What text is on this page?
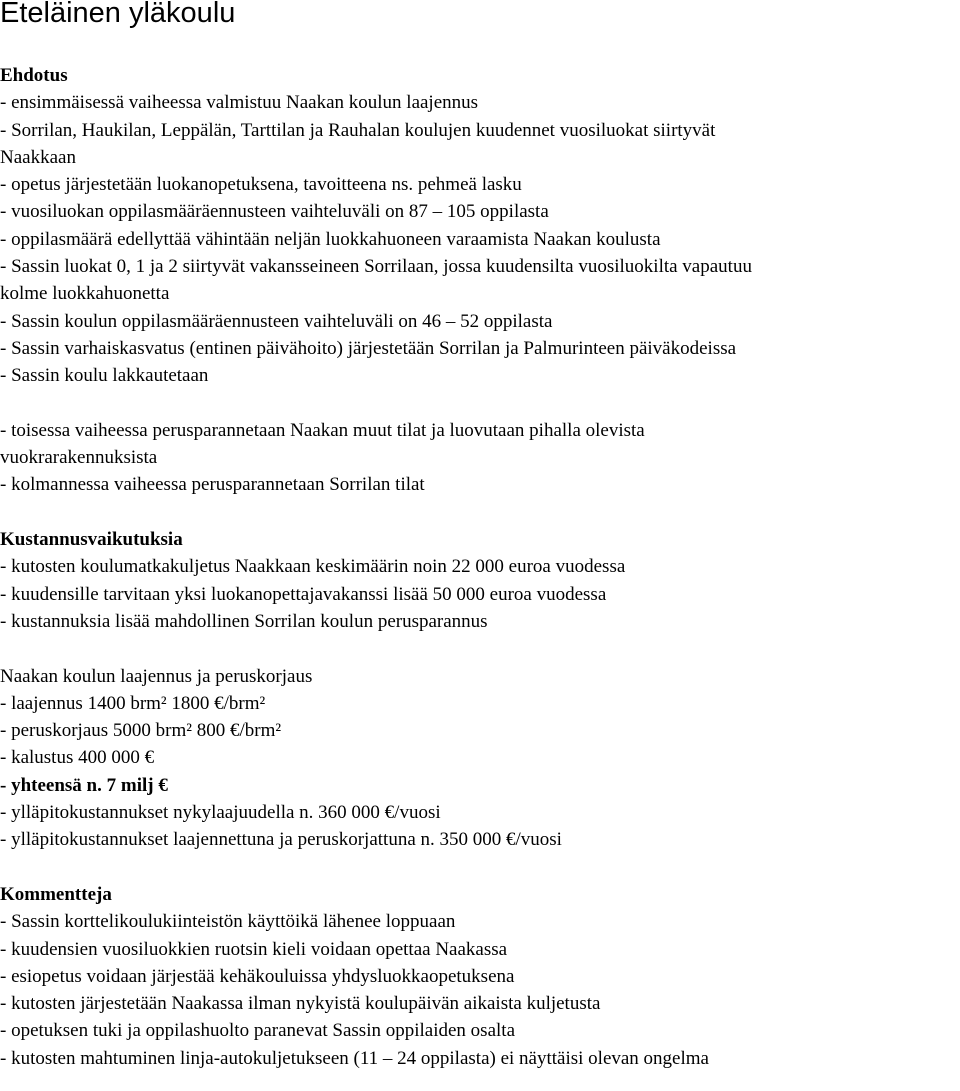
Eteläinen yläkoulu
Ehdotus
- ensimmäisessä vaiheessa valmistuu Naakan koulun laajennus
- Sorrilan, Haukilan, Leppälän, Tarttilan ja Rauhalan koulujen kuudennet vuosiluokat siirtyvät
Naakkaan
- opetus järjestetään luokanopetuksena, tavoitteena ns. pehmeä lasku
- vuosiluokan oppilasmääräennusteen vaihteluväli on 87 – 105 oppilasta
- oppilasmäärä edellyttää vähintään neljän luokkahuoneen varaamista Naakan koulusta
- Sassin luokat 0, 1 ja 2 siirtyvät vakansseineen Sorrilaan, jossa kuudensilta vuosiluokilta vapautuu
kolme luokkahuonetta
- Sassin koulun oppilasmääräennusteen vaihteluväli on 46 – 52 oppilasta
- Sassin varhaiskasvatus (entinen päivähoito) järjestetään Sorrilan ja Palmurinteen päiväkodeissa
- Sassin koulu lakkautetaan
- toisessa vaiheessa perusparannetaan Naakan muut tilat ja luovutaan pihalla olevista
vuokrarakennuksista
- kolmannessa vaiheessa perusparannetaan Sorrilan tilat
Kustannusvaikutuksia
- kutosten koulumatkakuljetus Naakkaan keskimäärin noin 22 000 euroa vuodessa
- kuudensille tarvitaan yksi luokanopettajavakanssi lisää 50 000 euroa vuodessa
- kustannuksia lisää mahdollinen Sorrilan koulun perusparannus
Naakan koulun laajennus ja peruskorjaus
- laajennus 1400 brm² 1800 €/brm²
- peruskorjaus 5000 brm² 800 €/brm²
- kalustus 400 000 €
- yhteensä n. 7 milj €
- ylläpitokustannukset nykylaajuudella n. 360 000 €/vuosi
- ylläpitokustannukset laajennettuna ja peruskorjattuna n. 350 000 €/vuosi
Kommentteja
- Sassin korttelikoulukiinteistön käyttöikä lähenee loppuaan
- kuudensien vuosiluokkien ruotsin kieli voidaan opettaa Naakassa
- esiopetus voidaan järjestää kehäkouluissa yhdysluokkaopetuksena
- kutosten järjestetään Naakassa ilman nykyistä koulupäivän aikaista kuljetusta
- opetuksen tuki ja oppilashuolto paranevat Sassin oppilaiden osalta
- kutosten mahtuminen linja-autokuljetukseen (11 – 24 oppilasta) ei näyttäisi olevan ongelma
